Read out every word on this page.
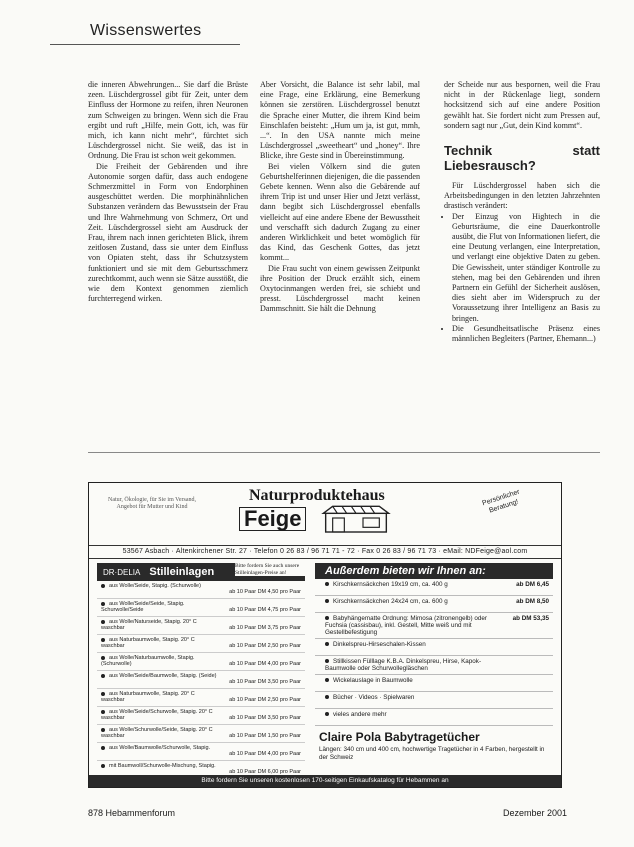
Wissenswertes

die inneren Abwehrungen... Sie darf die Brüste zeen. Lüschdergrossel gibt für Zeit, unter dem Einfluss der Hormone zu reifen, ihren Neuronen zum Schweigen zu bringen. Wenn sich die Frau ergibt und ruft „Hilfe, mein Gott, ich, was für mich, ich kann nicht mehr“, fürchtet sich Lüschdergrossel nicht. Sie weiß, das ist in Ordnung. Die Frau ist schon weit gekommen.

Die Freiheit der Gebärenden und ihre Autonomie sorgen dafür, dass auch endogene Schmerzmittel in Form von Endorphinen ausgeschüttet werden. Die morphinähnlichen Substanzen verändern das Bewusstsein der Frau und Ihre Wahrnehmung von Schmerz, Ort und Zeit. Lüschdergrossel sieht am Ausdruck der Frau, ihrem nach innen gerichteten Blick, ihrem zeitlosen Zustand, dass sie unter dem Einfluss von Opiaten steht, dass ihr Schutzsystem funktioniert und sie mit dem Geburtsschmerz zurechtkommt, auch wenn sie Sätze ausstößt, die wie dem Kontext genommen ziemlich furchterregend wirken.

Aber Vorsicht, die Balance ist sehr labil, mal eine Frage, eine Erklärung, eine Bemerkung können sie zerstören. Lüschdergrossel benutzt die Sprache einer Mutter, die ihrem Kind beim Einschlafen beisteht: „Hum um ja, ist gut, mmh, ...“. In den USA nannte mich meine Lüschdergrossel „sweetheart“ und „honey“. Ihre Blicke, ihre Geste sind in Übereinstimmung.

Bei vielen Völkern sind die guten Geburtshelferinnen diejenigen, die die passenden Gebete kennen. Wenn also die Gebärende auf ihrem Trip ist und unser Hier und Jetzt verlässt, dann begibt sich Lüschdergrossel ebenfalls vielleicht auf eine andere Ebene der Bewusstheit und verschafft sich dadurch Zugang zu einer anderen Wirklichkeit und betet womöglich für das Kind, das Geschenk Gottes, das jetzt kommt...

Die Frau sucht von einem gewissen Zeitpunkt ihre Position der Druck erzählt sich, einem Oxytocinmangen werden frei, sie schiebt und presst. Lüschdergrossel macht keinen Dammschnitt. Sie hält die Dehnung

der Scheide nur aus bespornen, weil die Frau nicht in der Rückenlage liegt, sondern hocksitzend sich auf eine andere Position gewählt hat. Sie fordert nicht zum Pressen auf, sondern sagt nur „Gut, dein Kind kommt“.

Technik statt Liebesrausch?

Für Lüschdergrossel haben sich die Arbeitsbedingungen in den letzten Jahrzehnten drastisch verändert:

• Der Einzug von Hightech in die Geburtsräume, die eine Dauerkontrolle ausübt, die Flut von Informationen liefert, die eine Deutung verlangen, eine Interpretation, und verlangt eine objektive Daten zu geben. Die Gewissheit, unter ständiger Kontrolle zu stehen, mag bei den Gebärenden und ihren Partnern ein Gefühl der Sicherheit auslösen, dies sieht aber im Widerspruch zu der Voraussetzung ihrer Intelligenz an Basis zu bringen.
• Die Gesundheitsatlische Präsenz eines männlichen Begleiters (Partner, Ehemann...)
Natur, Ökologie, für Sie im Versand, Angebot für Mutter und Kind
Naturproduktehaus
Feige
Persönlicher Beratung!
53567 Asbach · Altenkirchener Str. 27 · Telefon 0 26 83 / 96 71 71 - 72 · Fax 0 26 83 / 96 71 73 · eMail: NDFeige@aol.com
DR·DELIA Stilleinlagen	Bitte fordern Sie auch unsere Stilleinlagen-Preise an!
aus Wolle/Seide, Stapig. (Schurwolle)
ab 10 Paar DM 4,50 pro Paar
aus Wolle/Seide/Seide, Stapig. Schurwolle/Seide	ab 10 Paar DM 4,75 pro Paar
aus Wolle/Naturseide, Stapig. 20° C waschbar	ab 10 Paar DM 3,75 pro Paar
aus Naturbaumwolle, Stapig. 20° C waschbar	ab 10 Paar DM 2,50 pro Paar
aus Wolle/Naturbaumwolle, Stapig. (Schurwolle)	ab 10 Paar DM 4,00 pro Paar
aus Wolle/Seide/Baumwolle, Stapig. (Seide)
ab 10 Paar DM 3,50 pro Paar
aus Naturbaumwolle, Stapig. 20° C waschbar	ab 10 Paar DM 2,50 pro Paar
aus Wolle/Seide/Schurwolle, Stapig. 20° C waschbar	ab 10 Paar DM 3,50 pro Paar
aus Wolle/Schurwolle/Seide, Stapig. 20° C waschbar	ab 10 Paar DM 1,50 pro Paar
aus Wolle/Baumwolle/Schurwolle, Stapig.
ab 10 Paar DM 4,00 pro Paar
mit Baumwoll/Schurwolle-Mischung, Stapig.
ab 10 Paar DM 6,00 pro Paar
Außerdem bieten wir Ihnen an:
Kirschkernsäckchen 19x19 cm, ca. 400 g	ab DM 6,45
Kirschkernsäckchen 24x24 cm, ca. 600 g	ab DM 8,50
Babyhängematte Ordnung: Mimosa (zitronengelb) oder Fuchsia (cassisbau), inkl. Gestell, Mitte weiß und mit Gestellbefestigung
ab DM 53,35
Dinkelspreu-Hirseschalen-Kissen
Stillkissen Fülllage K.B.A. Dinkelspreu, Hirse, Kapok-Baumwolle oder Schurwollegläschen
Wickelauslage in Baumwolle
Bücher · Videos · Spielwaren
vieles andere mehr
Claire Pola Babytragetücher
Längen: 340 cm und 400 cm, hochwertige Tragetücher in 4 Farben, hergestellt in der Schweiz
Bitte fordern Sie unseren kostenlosen 170-seitigen Einkaufskatalog für Hebammen an
878 Hebammenforum	Dezember 2001
